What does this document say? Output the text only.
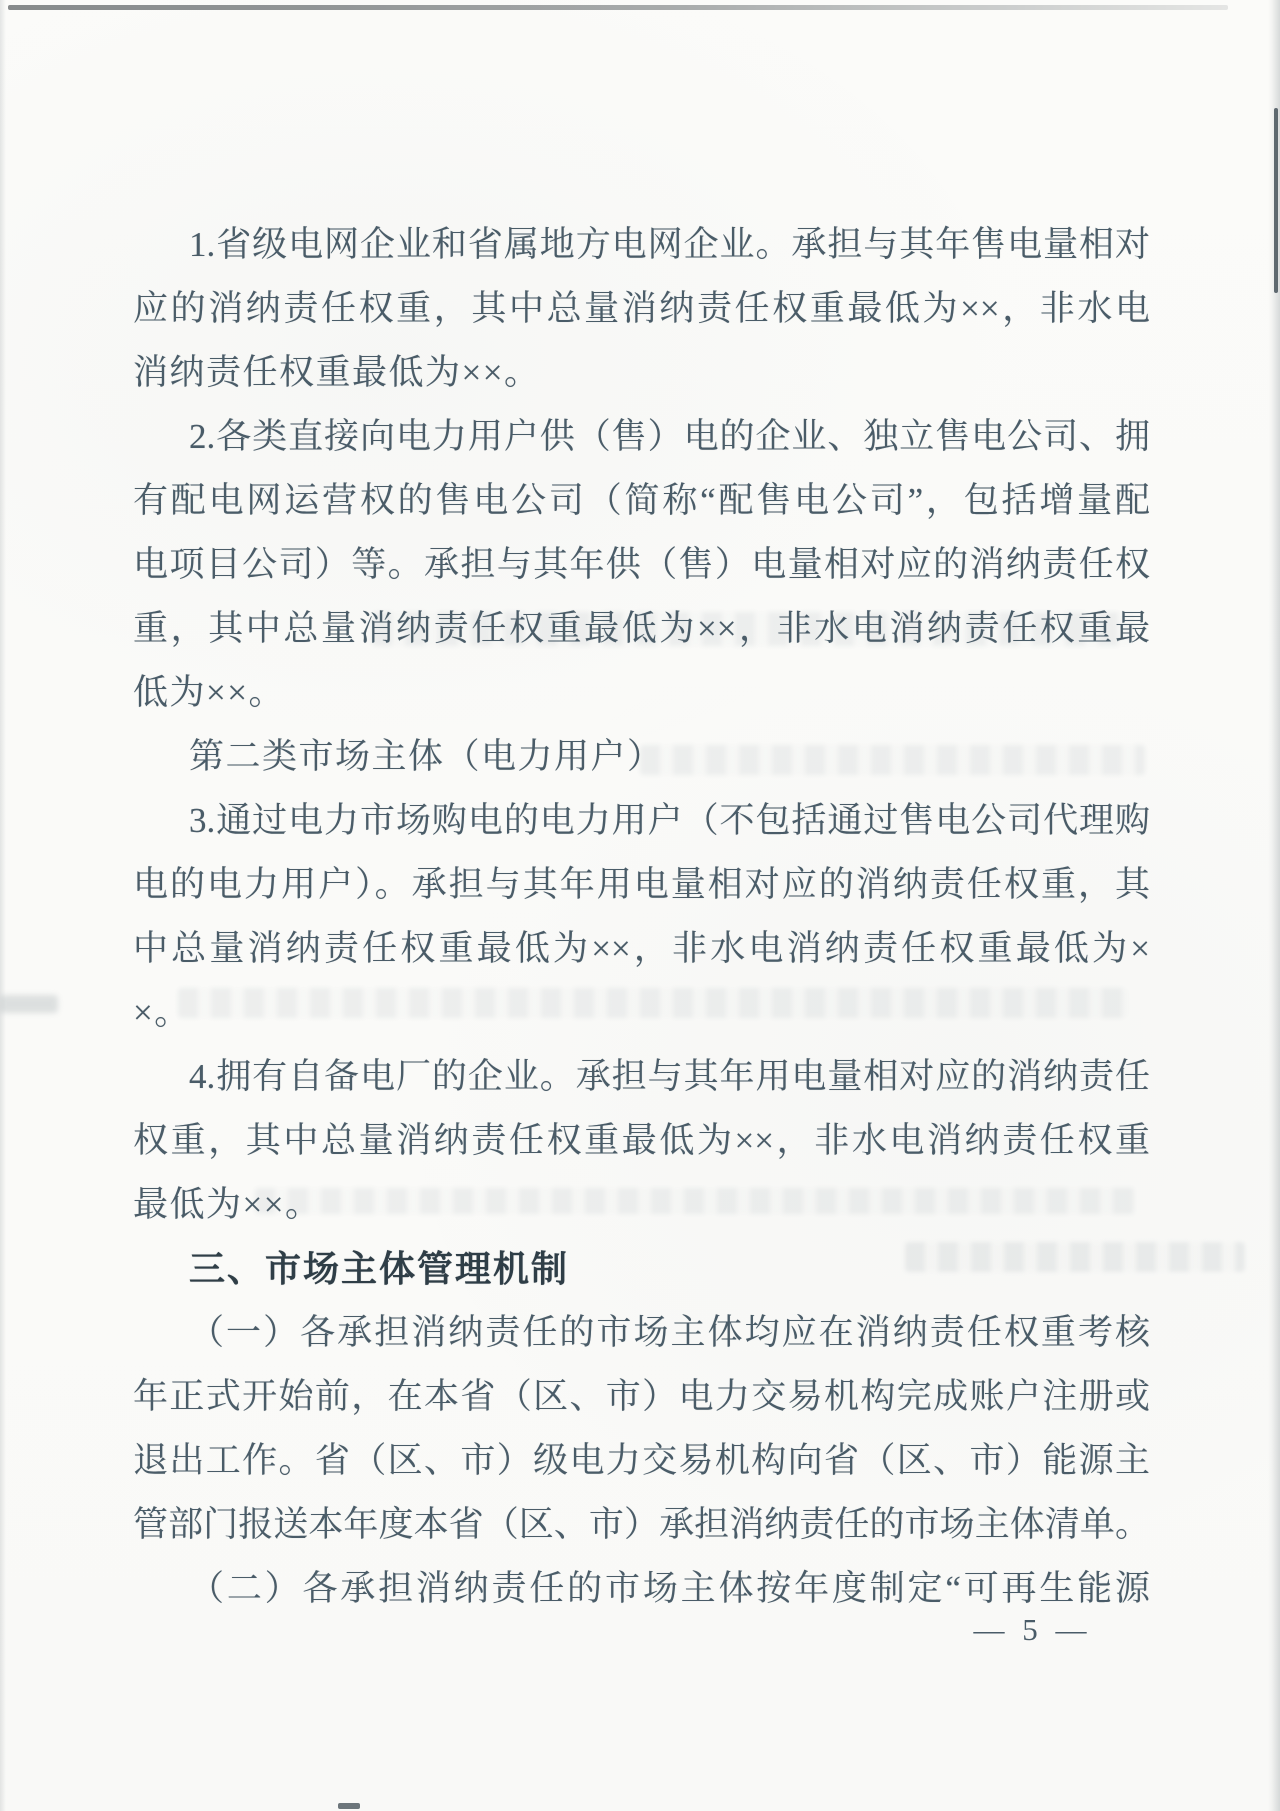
1.省级电网企业和省属地方电网企业。承担与其年售电量相对
应的消纳责任权重，其中总量消纳责任权重最低为××，非水电
消纳责任权重最低为××。
2.各类直接向电力用户供（售）电的企业、独立售电公司、拥
有配电网运营权的售电公司（简称“配售电公司”，包括增量配
电项目公司）等。承担与其年供（售）电量相对应的消纳责任权
重，其中总量消纳责任权重最低为××，非水电消纳责任权重最
低为××。
第二类市场主体（电力用户）
3.通过电力市场购电的电力用户（不包括通过售电公司代理购
电的电力用户）。承担与其年用电量相对应的消纳责任权重，其
中总量消纳责任权重最低为××，非水电消纳责任权重最低为×
×。
4.拥有自备电厂的企业。承担与其年用电量相对应的消纳责任
权重，其中总量消纳责任权重最低为××，非水电消纳责任权重
最低为××。
三、市场主体管理机制
（一）各承担消纳责任的市场主体均应在消纳责任权重考核
年正式开始前，在本省（区、市）电力交易机构完成账户注册或
退出工作。省（区、市）级电力交易机构向省（区、市）能源主
管部门报送本年度本省（区、市）承担消纳责任的市场主体清单。
（二）各承担消纳责任的市场主体按年度制定“可再生能源
— 5 —
